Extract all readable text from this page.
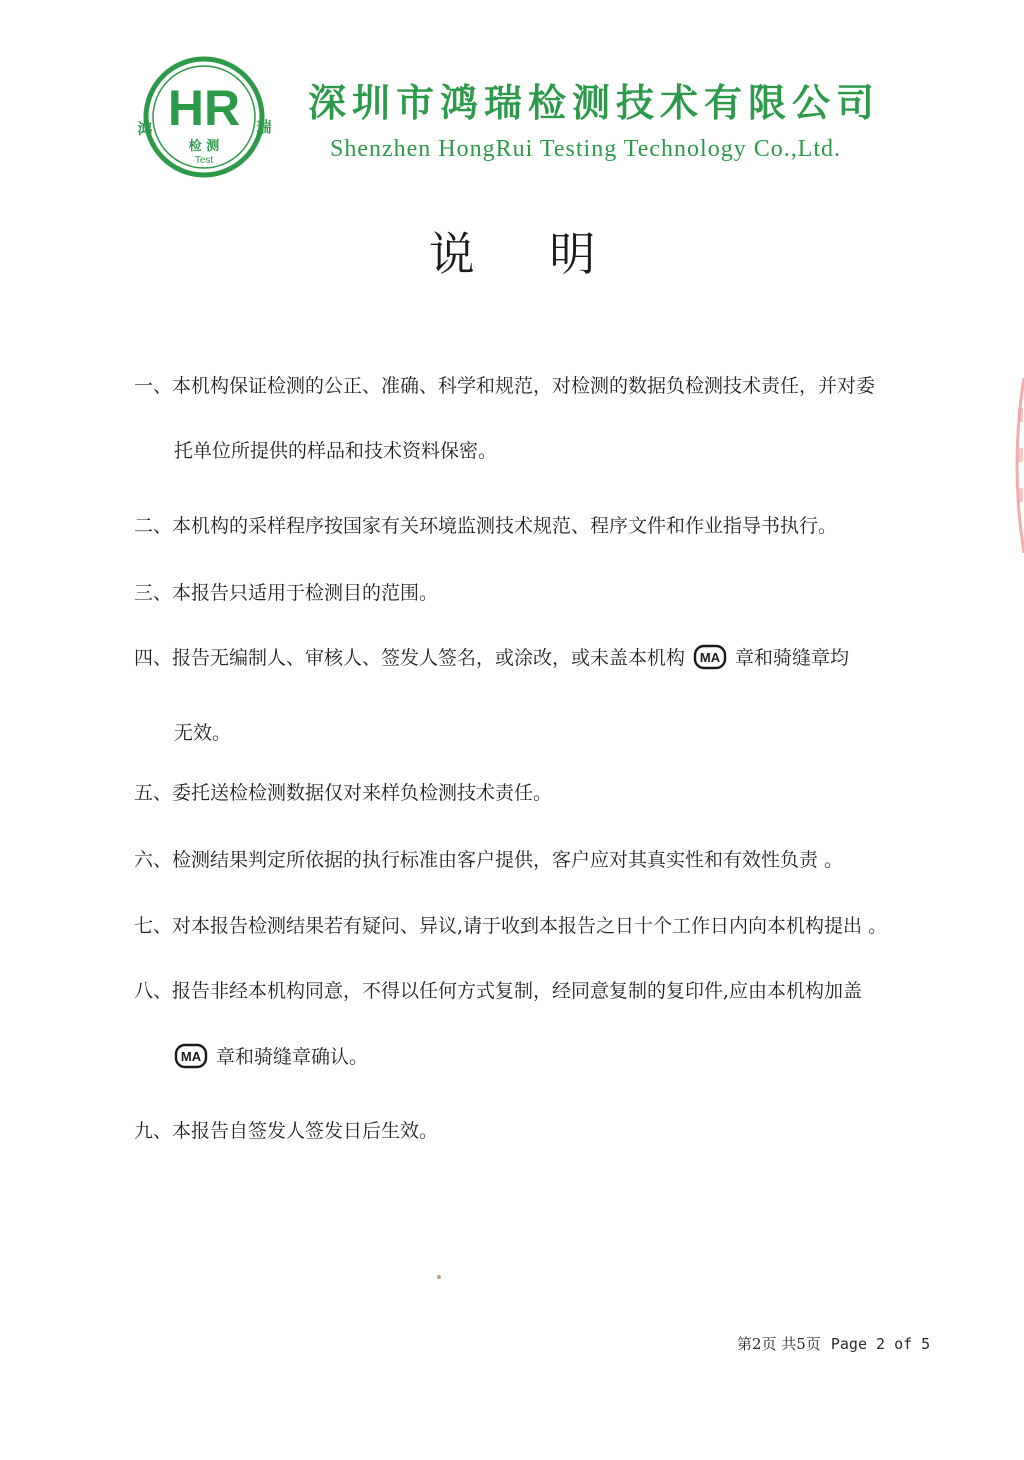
HR
鸿	瑞
检 测
Test
深圳市鸿瑞检测技术有限公司
Shenzhen HongRui Testing Technology Co.,Ltd.
说 明
一、本机构保证检测的公正、准确、科学和规范，对检测的数据负检测技术责任，并对委
托单位所提供的样品和技术资料保密。
二、本机构的采样程序按国家有关环境监测技术规范、程序文件和作业指导书执行。
三、本报告只适用于检测目的范围。
四、报告无编制人、审核人、签发人签名，或涂改，或未盖本机构 MA 章和骑缝章均
无效。
五、委托送检检测数据仅对来样负检测技术责任。
六、检测结果判定所依据的执行标准由客户提供，客户应对其真实性和有效性负责 。
七、对本报告检测结果若有疑问、异议,请于收到本报告之日十个工作日内向本机构提出 。
八、报告非经本机构同意，不得以任何方式复制，经同意复制的复印件,应由本机构加盖
MA 章和骑缝章确认。
九、本报告自签发人签发日后生效。
第2页 共5页 Page 2 of 5
